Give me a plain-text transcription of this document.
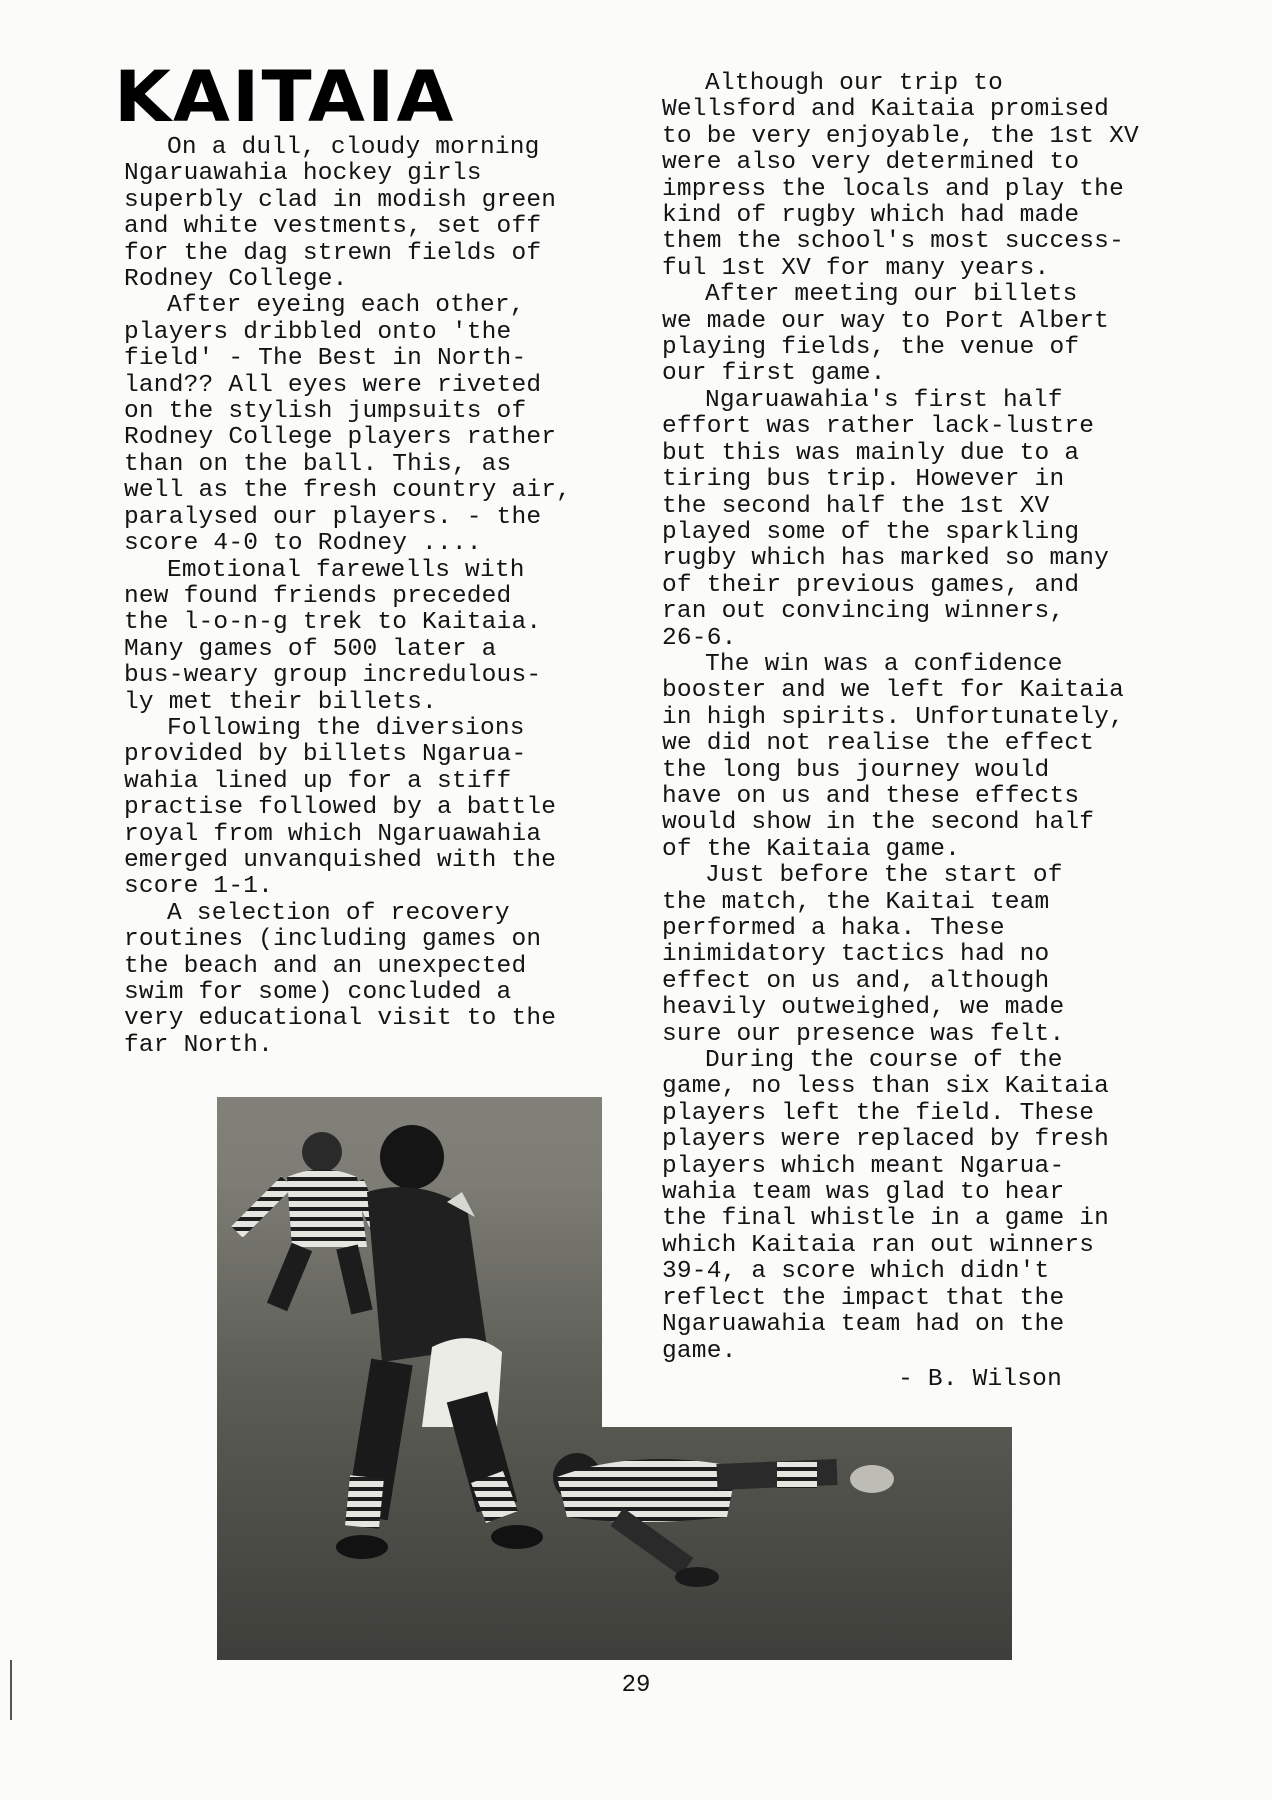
KAITAIA

On a dull, cloudy morning
Ngaruawahia hockey girls
superbly clad in modish green
and white vestments, set off
for the dag strewn fields of
Rodney College.

After eyeing each other,
players dribbled onto 'the
field' - The Best in North-
land?? All eyes were riveted
on the stylish jumpsuits of
Rodney College players rather
than on the ball. This, as
well as the fresh country air,
paralysed our players. - the
score 4-0 to Rodney ....

Emotional farewells with
new found friends preceded
the l-o-n-g trek to Kaitaia.
Many games of 500 later a
bus-weary group incredulous-
ly met their billets.

Following the diversions
provided by billets Ngarua-
wahia lined up for a stiff
practise followed by a battle
royal from which Ngaruawahia
emerged unvanquished with the
score 1-1.

A selection of recovery
routines (including games on
the beach and an unexpected
swim for some) concluded a
very educational visit to the
far North.

Although our trip to
Wellsford and Kaitaia promised
to be very enjoyable, the 1st XV
were also very determined to
impress the locals and play the
kind of rugby which had made
them the school's most success-
ful 1st XV for many years.

After meeting our billets
we made our way to Port Albert
playing fields, the venue of
our first game.

Ngaruawahia's first half
effort was rather lack-lustre
but this was mainly due to a
tiring bus trip. However in
the second half the 1st XV
played some of the sparkling
rugby which has marked so many
of their previous games, and
ran out convincing winners,
26-6.

The win was a confidence
booster and we left for Kaitaia
in high spirits. Unfortunately,
we did not realise the effect
the long bus journey would
have on us and these effects
would show in the second half
of the Kaitaia game.

Just before the start of
the match, the Kaitai team
performed a haka. These
inimidatory tactics had no
effect on us and, although
heavily outweighed, we made
sure our presence was felt.

During the course of the
game, no less than six Kaitaia
players left the field. These
players were replaced by fresh
players which meant Ngarua-
wahia team was glad to hear
the final whistle in a game in
which Kaitaia ran out winners
39-4, a score which didn't
reflect the impact that the
Ngaruawahia team had on the
game.

- B. Wilson

29
